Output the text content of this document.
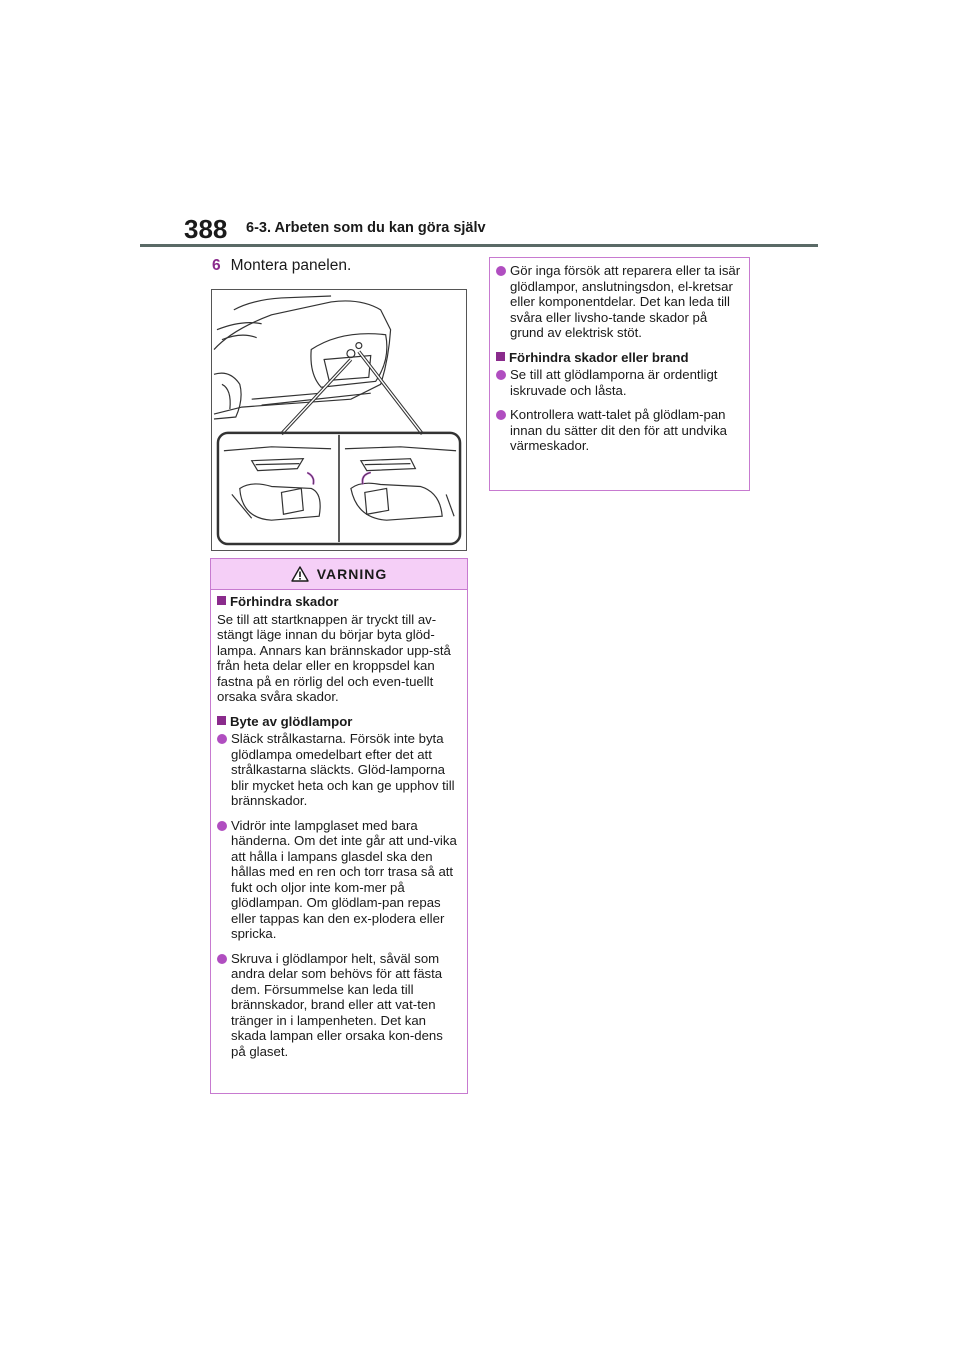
388 6-3. Arbeten som du kan göra själv
6 Montera panelen.
VARNING
Förhindra skador

Se till att startknappen är tryckt till av-stängt läge innan du börjar byta glöd-lampa. Annars kan brännskador upp-stå från heta delar eller en kroppsdel kan fastna på en rörlig del och even-tuellt orsaka svåra skador.

Byte av glödlampor
Släck strålkastarna. Försök inte byta glödlampa omedelbart efter det att strålkastarna släckts. Glöd-lamporna blir mycket heta och kan ge upphov till brännskador.
Vidrör inte lampglaset med bara händerna. Om det inte går att und-vika att hålla i lampans glasdel ska den hållas med en ren och torr trasa så att fukt och oljor inte kom-mer på glödlampan. Om glödlam-pan repas eller tappas kan den ex-plodera eller spricka.
Skruva i glödlampor helt, såväl som andra delar som behövs för att fästa dem. Försummelse kan leda till brännskador, brand eller att vat-ten tränger in i lampenheten. Det kan skada lampan eller orsaka kon-dens på glaset.
Gör inga försök att reparera eller ta isär glödlampor, anslutningsdon, el-kretsar eller komponentdelar. Det kan leda till svåra eller livsho-tande skador på grund av elektrisk stöt.
Förhindra skador eller brand
Se till att glödlamporna är ordentligt iskruvade och låsta.
Kontrollera watt-talet på glödlam-pan innan du sätter dit den för att undvika värmeskador.
